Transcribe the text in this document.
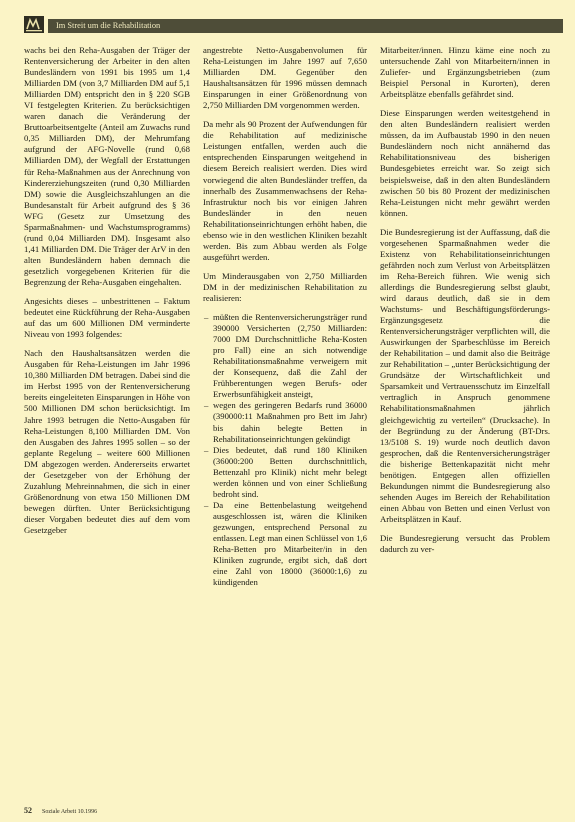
Im Streit um die Rehabilitation

wachs bei den Reha-Ausgaben der Träger der Rentenversicherung der Arbeiter in den alten Bundesländern von 1991 bis 1995 um 1,4 Milliarden DM (von 3,7 Milliarden DM auf 5,1 Milliarden DM) entspricht den in § 220 SGB VI festgelegten Kriterien. Zu berücksichtigen waren danach die Veränderung der Bruttoarbeitsentgelte (Anteil am Zuwachs rund 0,35 Milliarden DM), der Mehrumfang aufgrund der AFG-Novelle (rund 0,68 Milliarden DM), der Wegfall der Erstattungen für Reha-Maßnahmen aus der Anrechnung von Kindererziehungszeiten (rund 0,30 Milliarden DM) sowie die Ausgleichszahlungen an die Bundesanstalt für Arbeit aufgrund des § 36 WFG (Gesetz zur Umsetzung des Sparmaßnahmen- und Wachstumsprogramms) (rund 0,04 Milliarden DM). Insgesamt also 1,41 Milliarden DM. Die Träger der ArV in den alten Bundesländern haben demnach die gesetzlich vorgegebenen Kriterien für die Begrenzung der Reha-Ausgaben eingehalten.

Angesichts dieses – unbestrittenen – Faktum bedeutet eine Rückführung der Reha-Ausgaben auf das um 600 Millionen DM verminderte Niveau von 1993 folgendes:

Nach den Haushaltsansätzen werden die Ausgaben für Reha-Leistungen im Jahr 1996 10,380 Milliarden DM betragen. Dabei sind die im Herbst 1995 von der Rentenversicherung bereits eingeleiteten Einsparungen in Höhe von 500 Millionen DM schon berücksichtigt. Im Jahre 1993 betrugen die Netto-Ausgaben für Reha-Leistungen 8,100 Milliarden DM. Von den Ausgaben des Jahres 1995 sollen – so der geplante Regelung – weitere 600 Millionen DM abgezogen werden. Andererseits erwartet der Gesetzgeber von der Erhöhung der Zuzahlung Mehreinnahmen, die sich in einer Größenordnung von etwa 150 Millionen DM bewegen dürften. Unter Berücksichtigung dieser Vorgaben bedeutet dies auf dem vom Gesetzgeber

angestrebte Netto-Ausgabenvolumen für Reha-Leistungen im Jahre 1997 auf 7,650 Milliarden DM. Gegenüber den Haushaltsansätzen für 1996 müssen demnach Einsparungen in einer Größenordnung von 2,750 Milliarden DM vorgenommen werden.

Da mehr als 90 Prozent der Aufwendungen für die Rehabilitation auf medizinische Leistungen entfallen, werden auch die entsprechenden Einsparungen weitgehend in diesem Bereich realisiert werden. Dies wird vorwiegend die alten Bundesländer treffen, da innerhalb des Zusammenwachsens der Reha-Infrastruktur noch bis vor einigen Jahren Bundesländer in den neuen Rehabilitationseinrichtungen erhöht haben, die ebenso wie in den westlichen Kliniken bezahlt werden. Bis zum Abbau werden als Folge ausgeführt werden.

Um Minderausgaben von 2,750 Milliarden DM in der medizinischen Rehabilitation zu realisieren:

– müßten die Rentenversicherungsträger rund 390000 Versicherten (2,750 Milliarden: 7000 DM Durchschnittliche Reha-Kosten pro Fall) eine an sich notwendige Rehabilitationsmaßnahme verweigern mit der Konsequenz, daß die Zahl der Frühberentungen wegen Berufs- oder Erwerbsunfähigkeit ansteigt,
– wegen des geringeren Bedarfs rund 36000 (390000:11 Maßnahmen pro Bett im Jahr) bis dahin belegte Betten in Rehabilitationseinrichtungen gekündigt
– Dies bedeutet, daß rund 180 Kliniken (36000:200 Betten durchschnittlich, Bettenzahl pro Klinik) nicht mehr belegt werden können und von einer Schließung bedroht sind.
– Da eine Bettenbelastung weitgehend ausgeschlossen ist, wären die Kliniken gezwungen, entsprechend Personal zu entlassen. Legt man einen Schlüssel von 1,6 Reha-Betten pro Mitarbeiter/in in den Kliniken zugrunde, ergibt sich, daß dort eine Zahl von 18000 (36000:1,6) zu kündigenden

Mitarbeiter/innen. Hinzu käme eine noch zu untersuchende Zahl von Mitarbeitern/innen in Zuliefer- und Ergänzungsbetrieben (zum Beispiel Personal in Kurorten), deren Arbeitsplätze ebenfalls gefährdet sind.

Diese Einsparungen werden weitestgehend in den alten Bundesländern realisiert werden müssen, da im Aufbaustab 1990 in den neuen Bundesländern noch nicht annähernd das Rehabilitationsniveau des bisherigen Bundesgebietes erreicht war. So zeigt sich beispielsweise, daß in den alten Bundesländern zwischen 50 bis 80 Prozent der medizinischen Reha-Leistungen nicht mehr gewährt werden können.

Die Bundesregierung ist der Auffassung, daß die vorgesehenen Sparmaßnahmen weder die Existenz von Rehabilitationseinrichtungen gefährden noch zum Verlust von Arbeitsplätzen im Reha-Bereich führen. Wie wenig sich allerdings die Bundesregierung selbst glaubt, wird daraus deutlich, daß sie in dem Wachstums- und Beschäftigungsförderungs-Ergänzungsgesetz die Rentenversicherungsträger verpflichten will, die Auswirkungen der Sparbeschlüsse im Bereich der Rehabilitation – und damit also die Beiträge zur Rehabilitation – „unter Berücksichtigung der Grundsätze der Wirtschaftlichkeit und Sparsamkeit und Vertrauensschutz im Einzelfall vertraglich in Anspruch genommene Rehabilitationsmaßnahmen jährlich gleichgewichtig zu verteilen“ (Drucksache). In der Begründung zu der Änderung (BT-Drs. 13/5108 S. 19) wurde noch deutlich davon gesprochen, daß die Rentenversicherungsträger die bisherige Bettenkapazität nicht mehr benötigen. Entgegen allen offiziellen Bekundungen nimmt die Bundesregierung also sehenden Auges im Bereich der Rehabilitation einen Abbau von Betten und einen Verlust von Arbeitsplätzen in Kauf.

Die Bundesregierung versucht das Problem dadurch zu ver-

52 Soziale Arbeit 10.1996
